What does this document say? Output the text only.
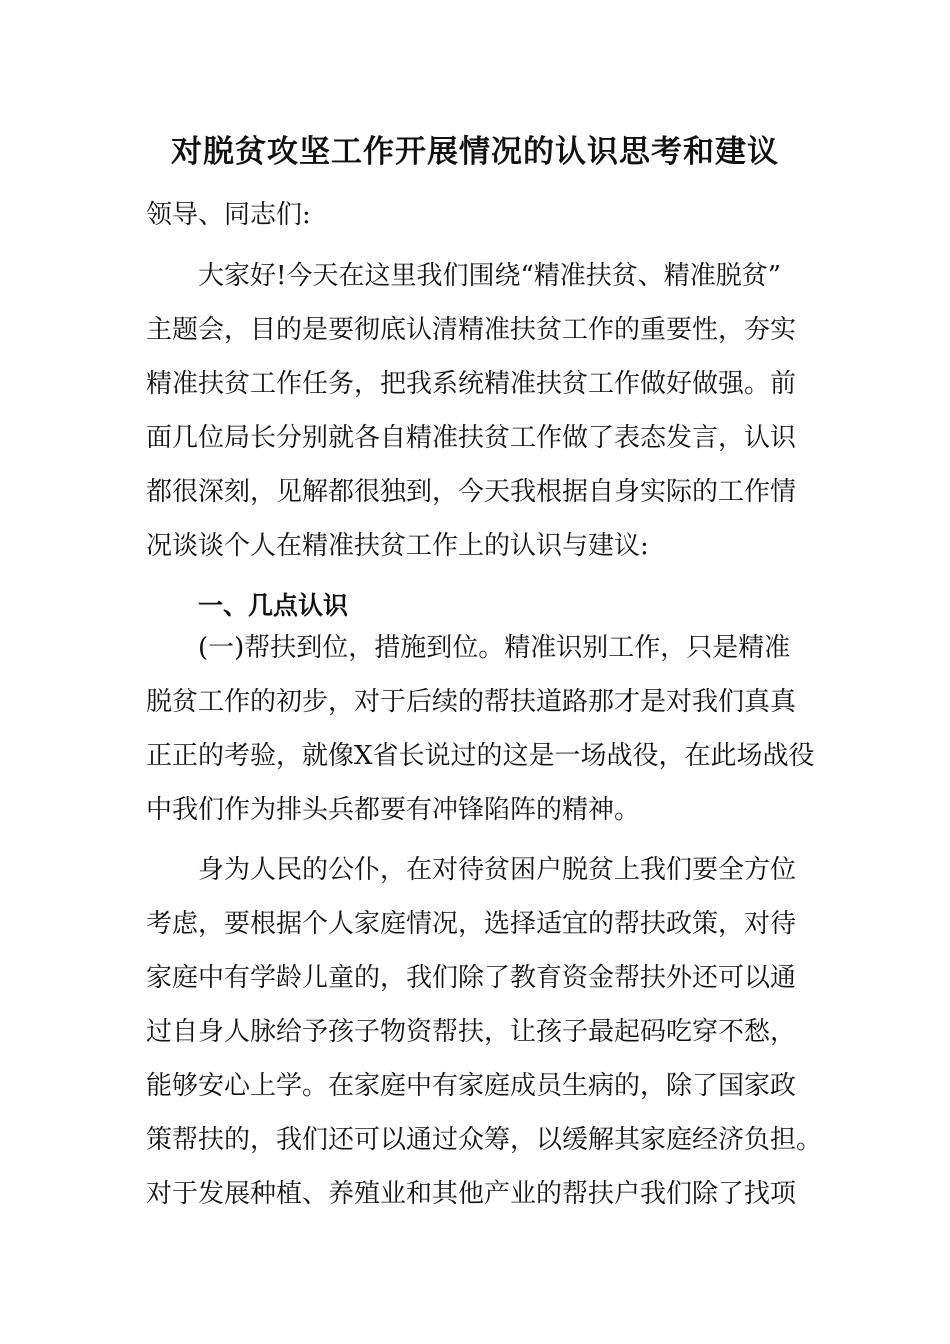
对脱贫攻坚工作开展情况的认识思考和建议
领导、同志们:
大家好!今天在这里我们围绕“精准扶贫、精准脱贫”
主题会，目的是要彻底认清精准扶贫工作的重要性，夯实
精准扶贫工作任务，把我系统精准扶贫工作做好做强。前
面几位局长分别就各自精准扶贫工作做了表态发言，认识
都很深刻，见解都很独到，今天我根据自身实际的工作情
况谈谈个人在精准扶贫工作上的认识与建议:
一、几点认识
(一)帮扶到位，措施到位。精准识别工作，只是精准
脱贫工作的初步，对于后续的帮扶道路那才是对我们真真
正正的考验，就像X省长说过的这是一场战役，在此场战役
中我们作为排头兵都要有冲锋陷阵的精神。
身为人民的公仆，在对待贫困户脱贫上我们要全方位
考虑，要根据个人家庭情况，选择适宜的帮扶政策，对待
家庭中有学龄儿童的，我们除了教育资金帮扶外还可以通
过自身人脉给予孩子物资帮扶，让孩子最起码吃穿不愁，
能够安心上学。在家庭中有家庭成员生病的，除了国家政
策帮扶的，我们还可以通过众筹，以缓解其家庭经济负担。
对于发展种植、养殖业和其他产业的帮扶户我们除了找项
